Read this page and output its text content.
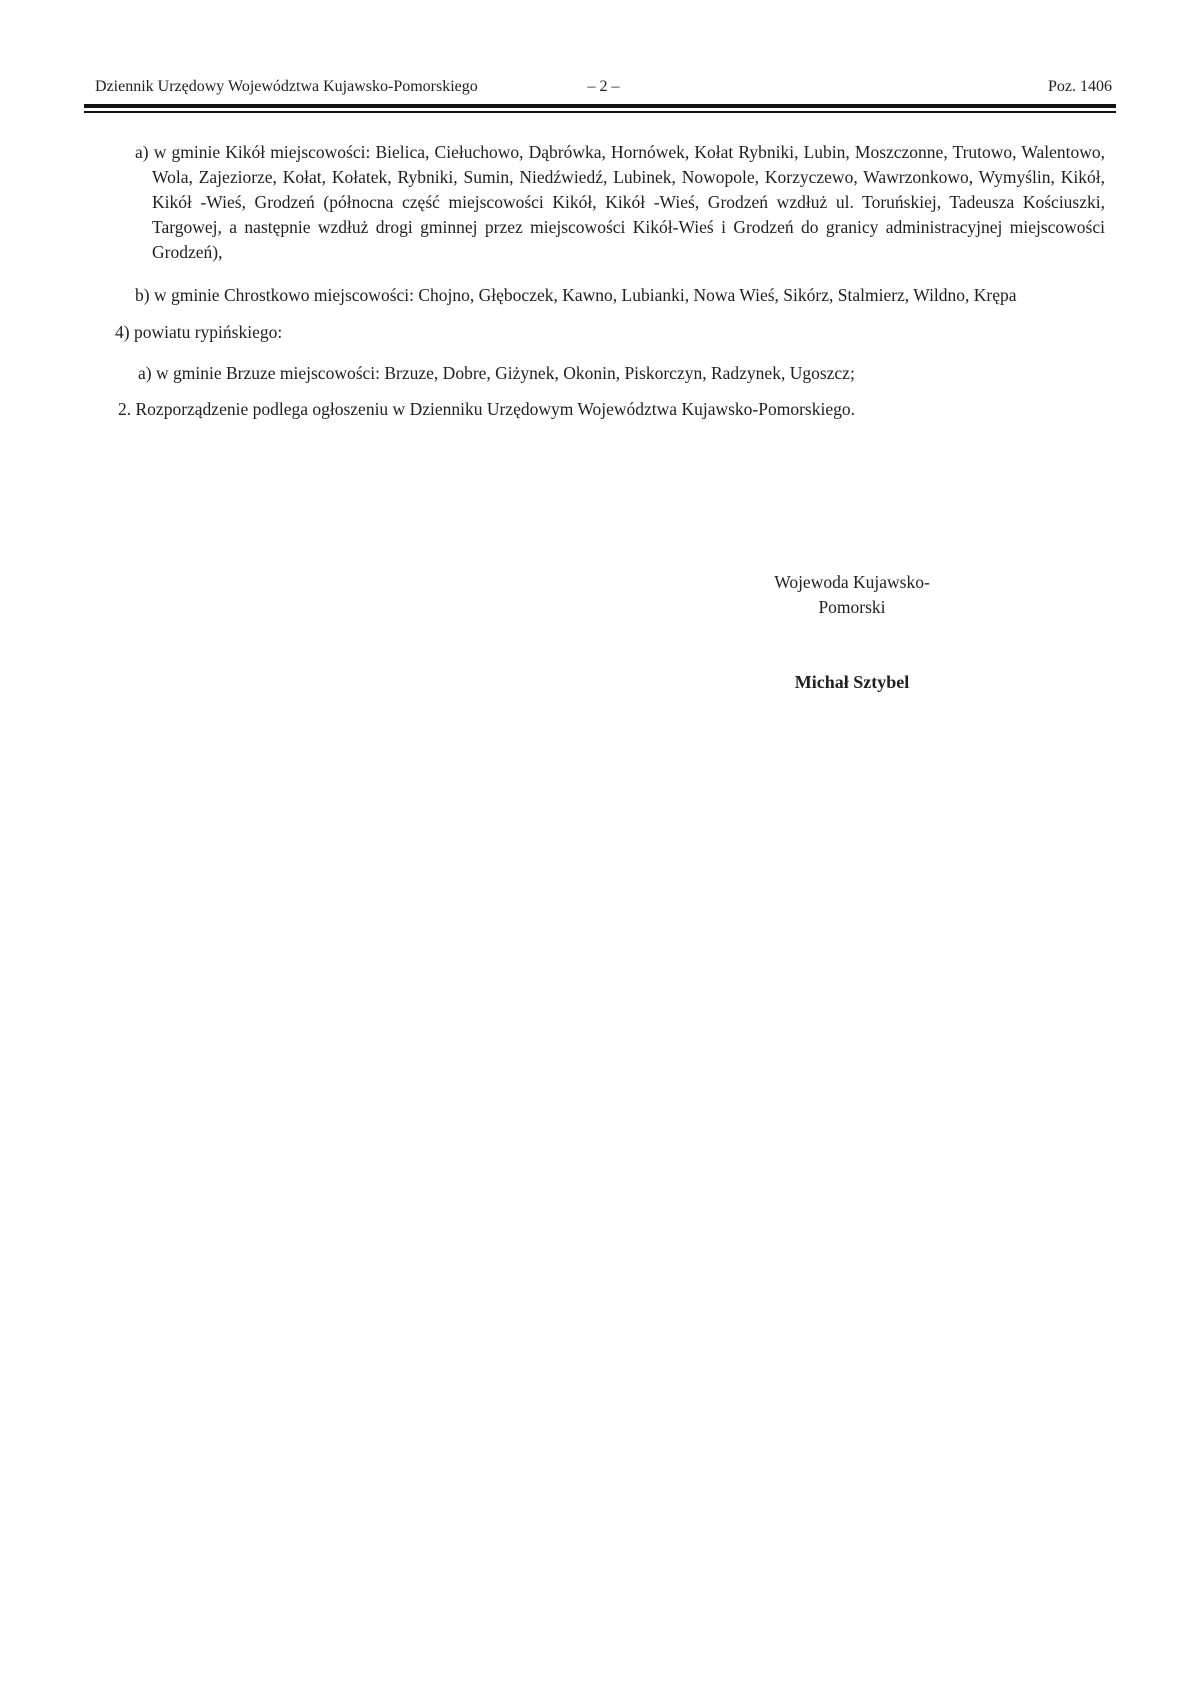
Dziennik Urzędowy Województwa Kujawsko-Pomorskiego	– 2 –	Poz. 1406

a) w gminie Kikół miejscowości: Bielica, Ciełuchowo, Dąbrówka, Hornówek, Kołat Rybniki, Lubin, Moszczonne, Trutowo, Walentowo, Wola, Zajeziorze, Kołat, Kołatek, Rybniki, Sumin, Niedźwiedź, Lubinek, Nowopole, Korzyczewo, Wawrzonkowo, Wymyślin, Kikół, Kikół -Wieś, Grodzeń (północna część miejscowości Kikół, Kikół -Wieś, Grodzeń wzdłuż ul. Toruńskiej, Tadeusza Kościuszki, Targowej, a następnie wzdłuż drogi gminnej przez miejscowości Kikół-Wieś i Grodzeń do granicy administracyjnej miejscowości Grodzeń),

b) w gminie Chrostkowo miejscowości: Chojno, Głęboczek, Kawno, Lubianki, Nowa Wieś, Sikórz, Stalmierz, Wildno, Krępa

4) powiatu rypińskiego:

a) w gminie Brzuze miejscowości: Brzuze, Dobre, Giżynek, Okonin, Piskorczyn, Radzynek, Ugoszcz;

2. Rozporządzenie podlega ogłoszeniu w Dzienniku Urzędowym Województwa Kujawsko-Pomorskiego.

Wojewoda Kujawsko-Pomorski

Michał Sztybel
